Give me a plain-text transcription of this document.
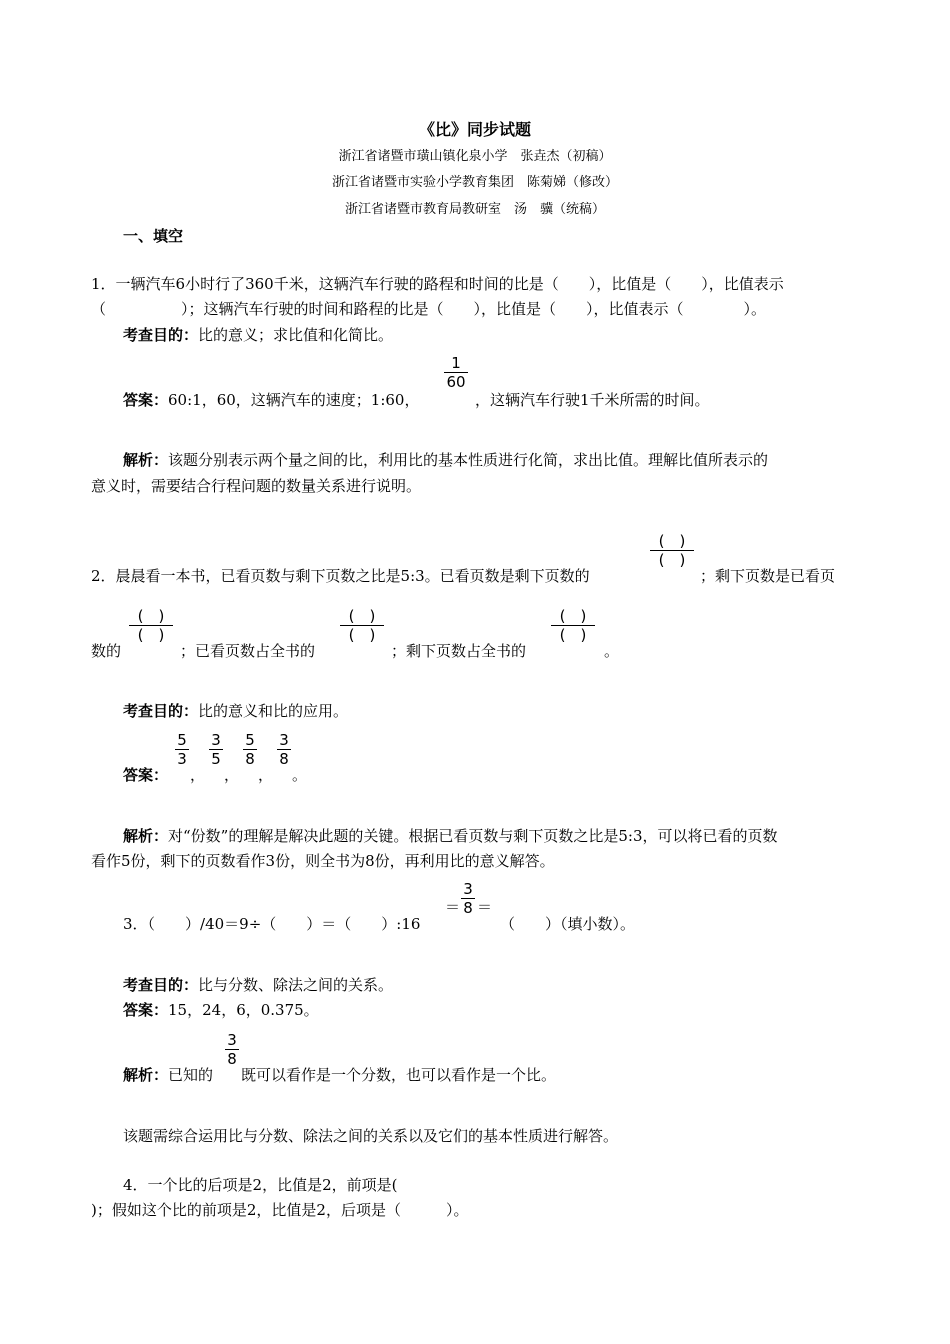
《比》同步试题
浙江省诸暨市璜山镇化泉小学　张垚杰（初稿）
浙江省诸暨市实验小学教育集团　陈菊娣（修改）
浙江省诸暨市教育局教研室　汤　骥（统稿）
一、填空
1．一辆汽车6小时行了360千米，这辆汽车行驶的路程和时间的比是（　　），比值是（　　），比值表示
（　　　　　）；这辆汽车行驶的时间和路程的比是（　　），比值是（　　），比值表示（　　　　）。
考查目的：比的意义；求比值和化简比。
答案：60:1，60，这辆汽车的速度；1:60，
1
60
，这辆汽车行驶1千米所需的时间。
解析：该题分别表示两个量之间的比，利用比的基本性质进行化简，求出比值。理解比值所表示的
意义时，需要结合行程问题的数量关系进行说明。
2．晨晨看一本书，已看页数与剩下页数之比是5:3。已看页数是剩下页数的
(　)
(　)
；剩下页数是已看页
数的
(　)
(　)
；已看页数占全书的
(　)
(　)
；剩下页数占全书的
(　)
(　)
。
考查目的：比的意义和比的应用。
答案：
5
3
，
3
5
，
5
8
，
3
8
。
解析：对“份数”的理解是解决此题的关键。根据已看页数与剩下页数之比是5:3，可以将已看的页数
看作5份，剩下的页数看作3份，则全书为8份，再利用比的意义解答。
3．（　　）/40＝9÷（　　）＝（　　）:16
＝
3
8 ＝
（　　）（填小数）。
考查目的：比与分数、除法之间的关系。
答案：15，24，6，0.375。
解析：已知的
3
8
既可以看作是一个分数，也可以看作是一个比。
该题需综合运用比与分数、除法之间的关系以及它们的基本性质进行解答。
4．一个比的后项是2，比值是2，前项是(
)；假如这个比的前项是2，比值是2，后项是（　　　）。
